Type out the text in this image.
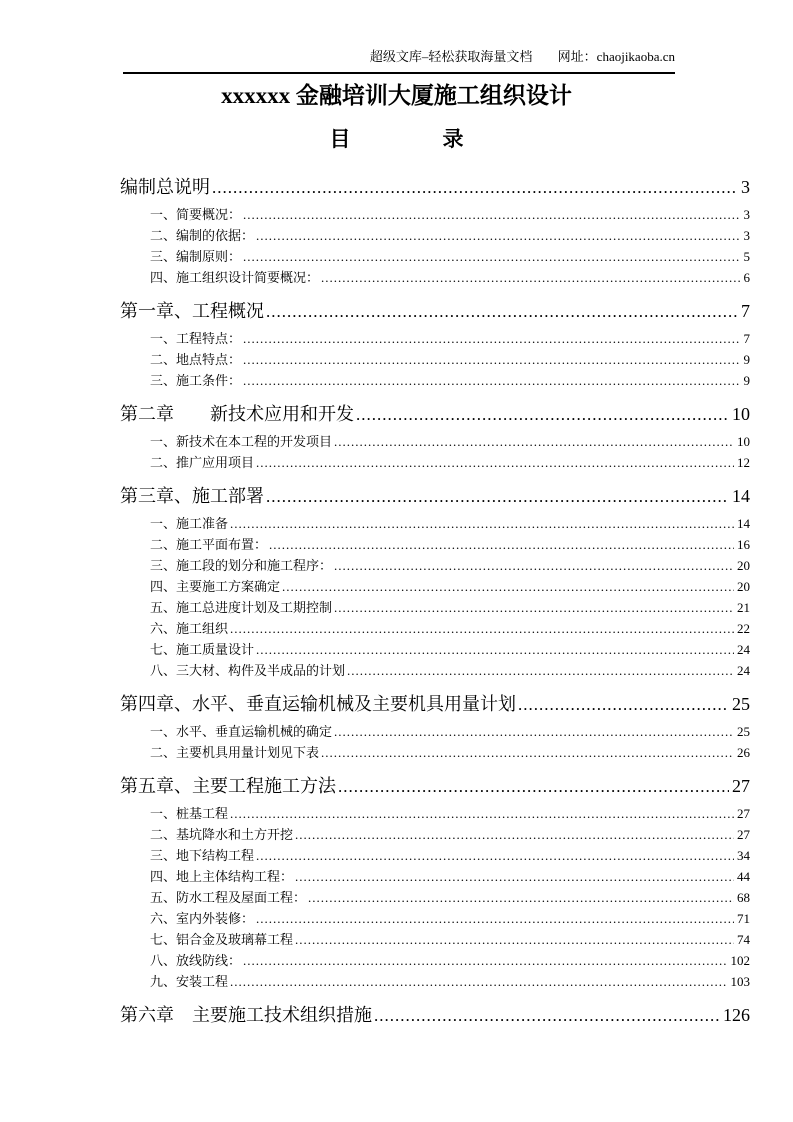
超级文库–轻松获取海量文档 网址：chaojikaoba.cn
xxxxxx 金融培训大厦施工组织设计
目	录
编制总说明 .....	3
一、简要概况： .....	3
二、编制的依据： .....	3
三、编制原则： .....	5
四、施工组织设计简要概况： .....	6
第一章、工程概况 .....	7
一、工程特点： .....	7
二、地点特点： .....	9
三、施工条件： .....	9
第二章　　新技术应用和开发 .....	10
一、新技术在本工程的开发项目 .....	10
二、推广应用项目 .....	12
第三章、施工部署 .....	14
一、施工准备 .....	14
二、施工平面布置： .....	16
三、施工段的划分和施工程序： .....	20
四、主要施工方案确定 .....	20
五、施工总进度计划及工期控制 .....	21
六、施工组织 .....	22
七、施工质量设计 .....	24
八、三大材、构件及半成品的计划 .....	24
第四章、水平、垂直运输机械及主要机具用量计划 .....	25
一、水平、垂直运输机械的确定 .....	25
二、主要机具用量计划见下表 .....	26
第五章、主要工程施工方法 .....	27
一、桩基工程 .....	27
二、基坑降水和土方开挖 .....	27
三、地下结构工程 .....	34
四、地上主体结构工程： .....	44
五、防水工程及屋面工程： .....	68
六、室内外装修： .....	71
七、铝合金及玻璃幕工程 .....	74
八、放线防线： .....	102
九、安装工程 .....	103
第六章　主要施工技术组织措施 .....	126
